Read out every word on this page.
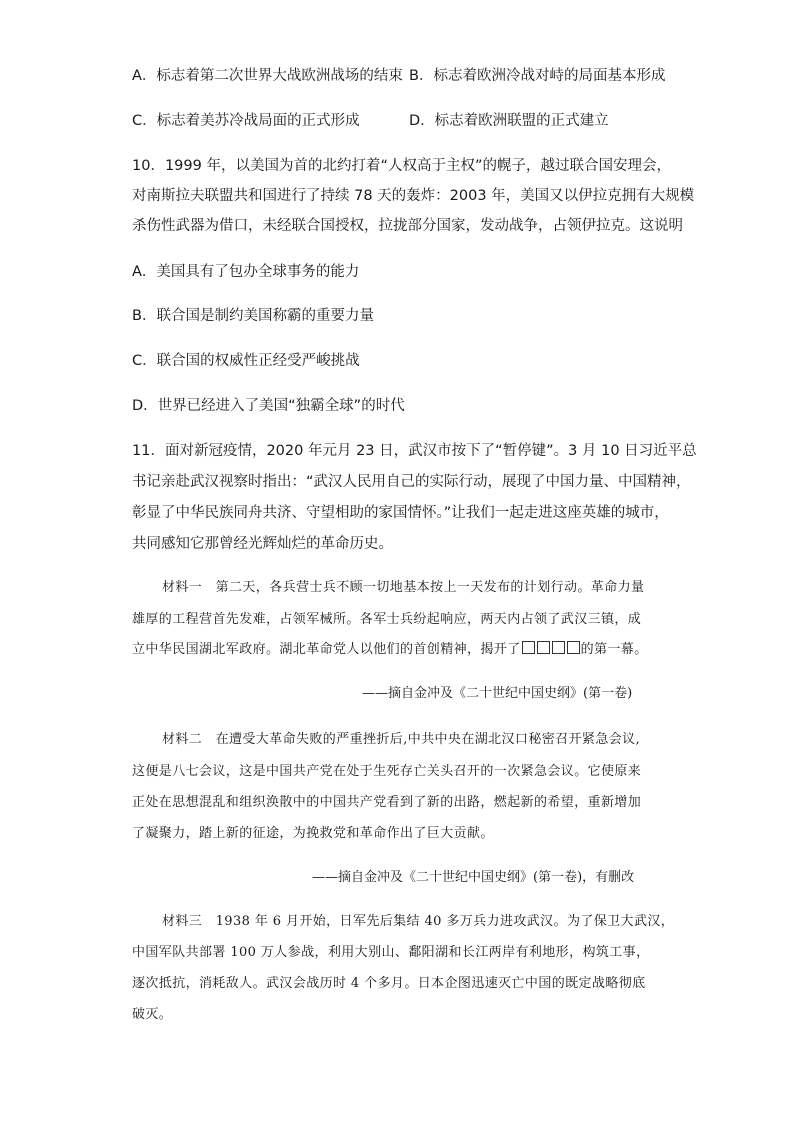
A．标志着第二次世界大战欧洲战场的结束 B．标志着欧洲冷战对峙的局面基本形成
C．标志着美苏冷战局面的正式形成	D．标志着欧洲联盟的正式建立
10．1999 年，以美国为首的北约打着“人权高于主权”的幌子，越过联合国安理会，
对南斯拉夫联盟共和国进行了持续 78 天的轰炸：2003 年，美国又以伊拉克拥有大规模
杀伤性武器为借口，未经联合国授权，拉拢部分国家，发动战争，占领伊拉克。这说明
A．美国具有了包办全球事务的能力
B．联合国是制约美国称霸的重要力量
C．联合国的权威性正经受严峻挑战
D．世界已经进入了美国“独霸全球”的时代
11．面对新冠疫情，2020 年元月 23 日，武汉市按下了“暂停键”。3 月 10 日习近平总
书记亲赴武汉视察时指出：“武汉人民用自己的实际行动，展现了中国力量、中国精神，
彰显了中华民族同舟共济、守望相助的家国情怀。”让我们一起走进这座英雄的城市，
共同感知它那曾经光辉灿烂的革命历史。
材料一　第二天，各兵营士兵不顾一切地基本按上一天发布的计划行动。革命力量
雄厚的工程营首先发难，占领军械所。各军士兵纷起响应，两天内占领了武汉三镇，成
立中华民国湖北军政府。湖北革命党人以他们的首创精神，揭开了	的第一幕。
——摘自金冲及《二十世纪中国史纲》(第一卷)
材料二　在遭受大革命失败的严重挫折后,中共中央在湖北汉口秘密召开紧急会议,
这便是八七会议，这是中国共产党在处于生死存亡关头召开的一次紧急会议。它使原来
正处在思想混乱和组织涣散中的中国共产党看到了新的出路，燃起新的希望，重新增加
了凝聚力，踏上新的征途，为挽救党和革命作出了巨大贡献。
——摘自金冲及《二十世纪中国史纲》(第一卷)，有删改
材料三　1938 年 6 月开始，日军先后集结 40 多万兵力进攻武汉。为了保卫大武汉，
中国军队共部署 100 万人参战，利用大别山、鄱阳湖和长江两岸有利地形，构筑工事，
逐次抵抗，消耗敌人。武汉会战历时 4 个多月。日本企图迅速灭亡中国的既定战略彻底
破灭。
